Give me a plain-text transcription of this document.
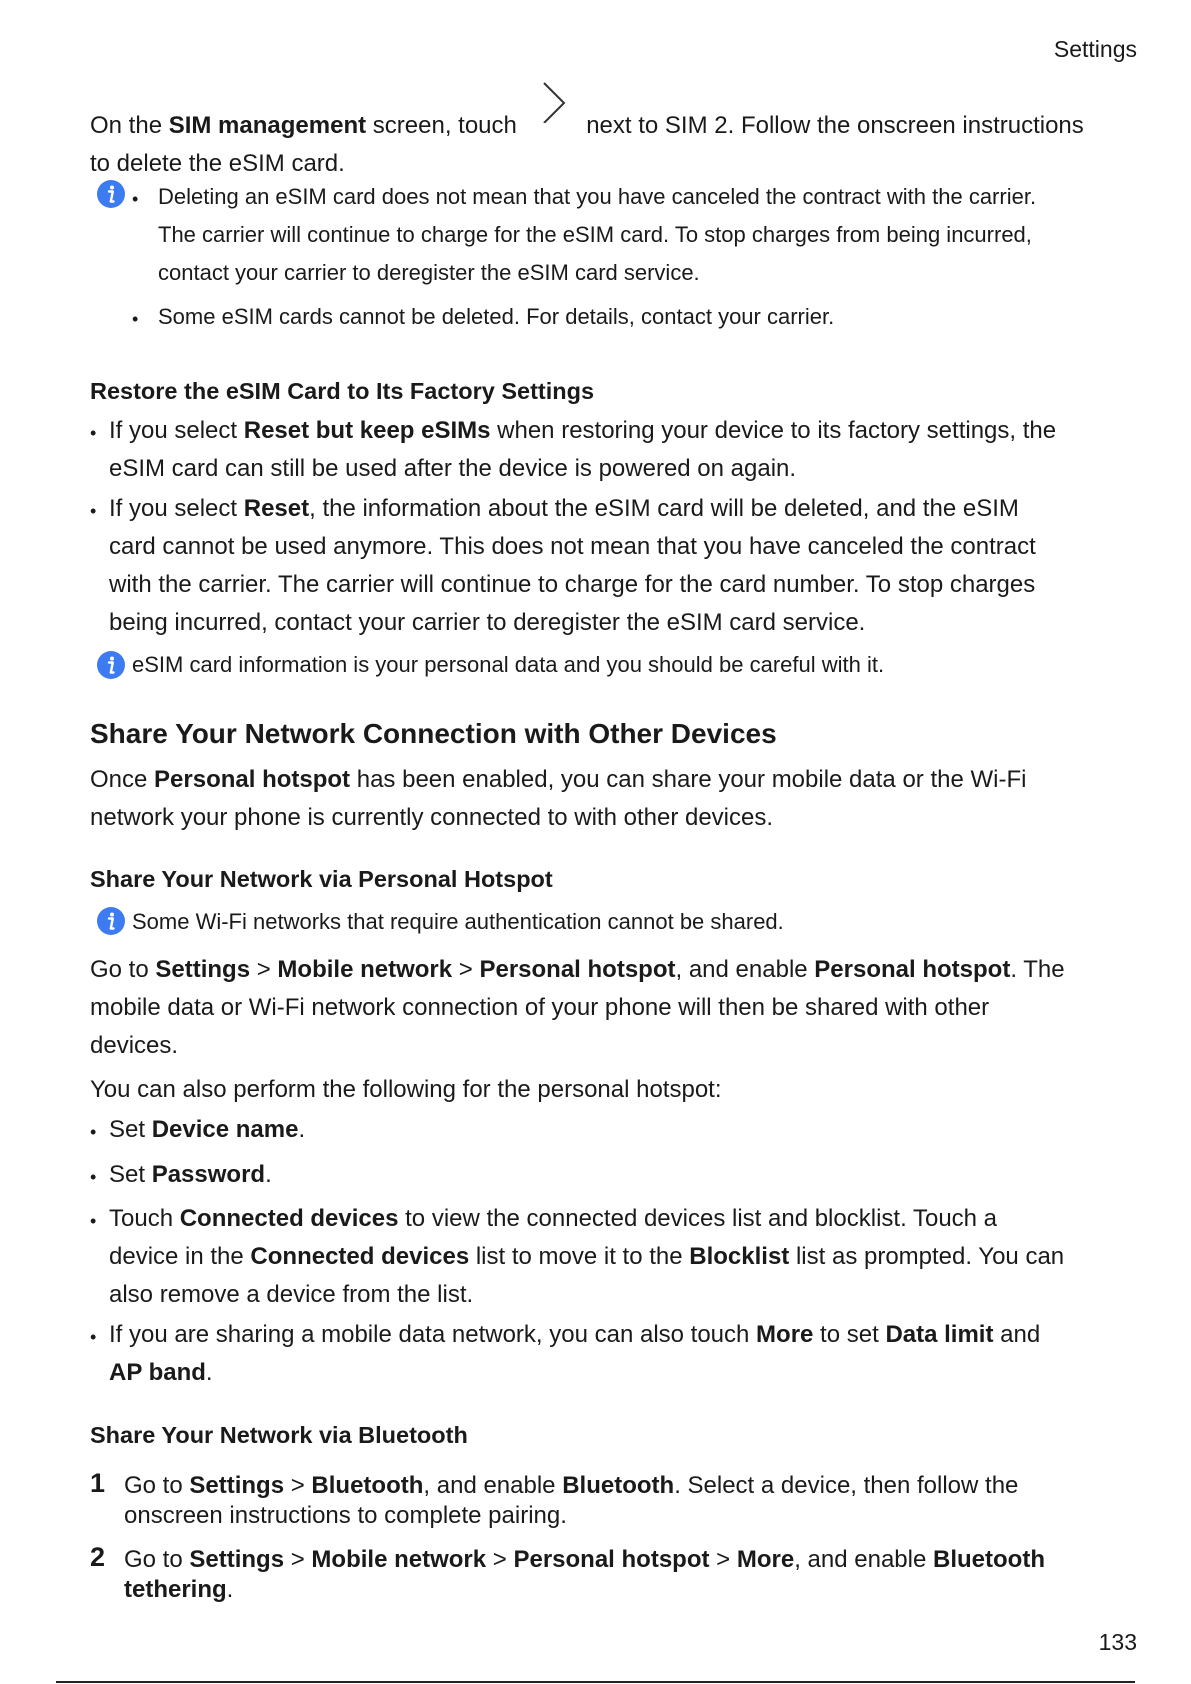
Settings
On the SIM management screen, touch	next to SIM 2. Follow the onscreen instructions
to delete the eSIM card.
• Deleting an eSIM card does not mean that you have canceled the contract with the carrier.
The carrier will continue to charge for the eSIM card. To stop charges from being incurred,
contact your carrier to deregister the eSIM card service.
• Some eSIM cards cannot be deleted. For details, contact your carrier.
Restore the eSIM Card to Its Factory Settings
• If you select Reset but keep eSIMs when restoring your device to its factory settings, the
eSIM card can still be used after the device is powered on again.
• If you select Reset, the information about the eSIM card will be deleted, and the eSIM
card cannot be used anymore. This does not mean that you have canceled the contract
with the carrier. The carrier will continue to charge for the card number. To stop charges
being incurred, contact your carrier to deregister the eSIM card service.
eSIM card information is your personal data and you should be careful with it.
Share Your Network Connection with Other Devices
Once Personal hotspot has been enabled, you can share your mobile data or the Wi-Fi
network your phone is currently connected to with other devices.
Share Your Network via Personal Hotspot
Some Wi-Fi networks that require authentication cannot be shared.
Go to Settings > Mobile network > Personal hotspot, and enable Personal hotspot. The
mobile data or Wi-Fi network connection of your phone will then be shared with other
devices.
You can also perform the following for the personal hotspot:
• Set Device name.
• Set Password.
• Touch Connected devices to view the connected devices list and blocklist. Touch a
device in the Connected devices list to move it to the Blocklist list as prompted. You can
also remove a device from the list.
• If you are sharing a mobile data network, you can also touch More to set Data limit and
AP band.
Share Your Network via Bluetooth
1 Go to Settings > Bluetooth, and enable Bluetooth. Select a device, then follow the
onscreen instructions to complete pairing.
2 Go to Settings > Mobile network > Personal hotspot > More, and enable Bluetooth
tethering.
133
